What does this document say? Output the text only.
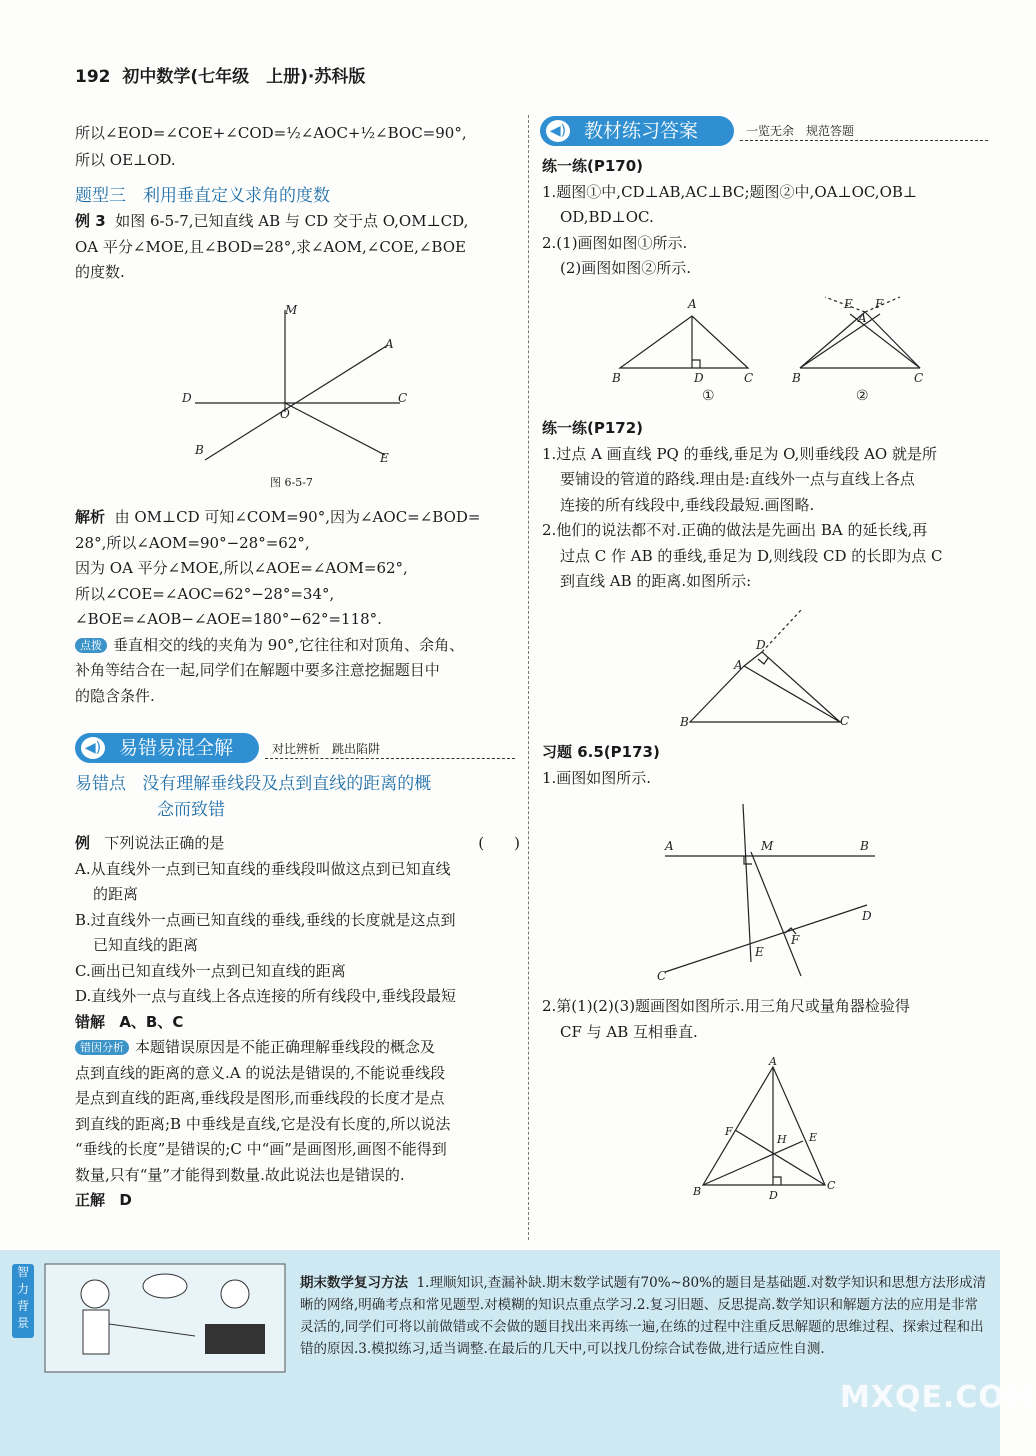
192 初中数学(七年级　上册)·苏科版

所以∠EOD=∠COE+∠COD=½∠AOC+½∠BOC=90°,

所以 OE⊥OD.

题型三　利用垂直定义求角的度数

例 3 如图 6-5-7,已知直线 AB 与 CD 交于点 O,OM⊥CD,

OA 平分∠MOE,且∠BOD=28°,求∠AOM,∠COE,∠BOE

的度数.

M
A
D	C
O
B
E
图 6-5-7

解析 由 OM⊥CD 可知∠COM=90°,因为∠AOC=∠BOD=

28°,所以∠AOM=90°−28°=62°,

因为 OA 平分∠MOE,所以∠AOE=∠AOM=62°,

所以∠COE=∠AOC=62°−28°=34°,

∠BOE=∠AOB−∠AOE=180°−62°=118°.

点拨 垂直相交的线的夹角为 90°,它往往和对顶角、余角、

补角等结合在一起,同学们在解题中要多注意挖掘题目中

的隐含条件.

◀) 易错易混全解	对比辨析　跳出陷阱

易错点 没有理解垂线段及点到直线的距离的概

念而致错

例 下列说法正确的是	(　　)

A.从直线外一点到已知直线的垂线段叫做这点到已知直线

的距离

B.过直线外一点画已知直线的垂线,垂线的长度就是这点到

已知直线的距离

C.画出已知直线外一点到已知直线的距离

D.直线外一点与直线上各点连接的所有线段中,垂线段最短

错解 A、B、C

错因分析 本题错误原因是不能正确理解垂线段的概念及

点到直线的距离的意义.A 的说法是错误的,不能说垂线段

是点到直线的距离,垂线段是图形,而垂线段的长度才是点

到直线的距离;B 中垂线是直线,它是没有长度的,所以说法

“垂线的长度”是错误的;C 中“画”是画图形,画图不能得到

数量,只有“量”才能得到数量.故此说法也是错误的.

正解 D

◀) 教材练习答案	一览无余　规范答题

练一练(P170)

1.题图①中,CD⊥AB,AC⊥BC;题图②中,OA⊥OC,OB⊥

OD,BD⊥OC.

2.(1)画图如图①所示.

(2)画图如图②所示.

A
B	D	C
E
A
F
B	C
①	②

练一练(P172)

1.过点 A 画直线 PQ 的垂线,垂足为 O,则垂线段 AO 就是所

要铺设的管道的路线.理由是:直线外一点与直线上各点

连接的所有线段中,垂线段最短.画图略.

2.他们的说法都不对.正确的做法是先画出 BA 的延长线,再

过点 C 作 AB 的垂线,垂足为 D,则线段 CD 的长即为点 C

到直线 AB 的距离.如图所示:

D
A
B	C

习题 6.5(P173)

1.画图如图所示.

A	M	B
D
F
E
C

2.第(1)(2)(3)题画图如图所示.用三角尺或量角器检验得

CF 与 AB 互相垂直.

A
F
H E
B	D
C
智力背景
期末数学复习方法 1.理顺知识,查漏补缺.期末数学试题有70%~80%的题目是基础题.对数学知识和思想方法形成清晰的网络,明确考点和常见题型.对模糊的知识点重点学习.2.复习旧题、反思提高.数学知识和解题方法的应用是非常灵活的,同学们可将以前做错或不会做的题目找出来再练一遍,在练的过程中注重反思解题的思维过程、探索过程和出错的原因.3.模拟练习,适当调整.在最后的几天中,可以找几份综合试卷做,进行适应性自测.
MXQE.COM
